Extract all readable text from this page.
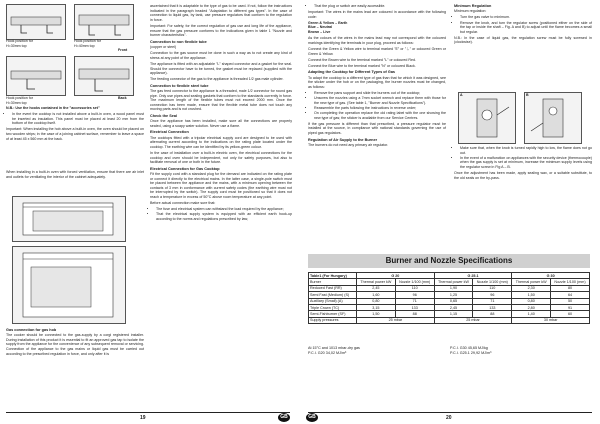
Hook position for
H=30mm top
Hook position for
H=40mm top
Front
Hook position for
H=30mm top
Back

N.B.: Use the hooks contained in the "accessories set"

• In the event the cooktop is not installed above a built-in oven, a wood panel must be inserted as insulation. This panel must be placed at least 20 mm from the bottom of the cooktop itself.

Important: When installing the hob above a built-in oven, the oven should be placed on two wooden strips; in the case of a joining cabinet surface, remember to leave a space of at least 45 x 560 mm at the back.

When installing in a built-in oven with forced ventilation, ensure that there are air inlet and outlets for ventilating the interior of the cabinet adequately.
Gas connection for gas hob

The cooker should be connected to the gas-supply by a corgi registered installer. During installation of this product it is essential to fit an approved gas tap to isolate the supply from the appliance for the convenience of any subsequent removal or servicing. Connection of the appliance to the gas mains or liquid gas must be carried out according to the prescribed regulation in force, and only after it is

ascertained that it is adaptable to the type of gas to be used. If not, follow the instructions indicated in the paragraph headed "Adaptation to different gas types". In the case of connection to liquid gas, by tank, use pressure regulators that conform to the regulation in force.

Important: For safety, for the correct regulation of gas use and long life of the appliance, ensure that the gas pressure conforms to the indications given in table 1 "Nozzle and burner characteristics".

Connection to non flexible tube

(copper or steel)

Connection to the gas source must be done in such a way as to not create any kind of stress at any point of the appliance.

The appliance is fitted with an adjustable "L" shaped connector and a gasket for the seal. Should the connector have to be turned, the gasket must be replaced (supplied with the appliance).

The feeding connector of the gas to the appliance is threaded 1/2 gas male cylinder.

Connection to flexible steel tube

The gas feed connector to the appliance is a threaded, male 1/2 connector for round gas pipe. Only use pipes and sealing gaskets that conform to the standards currently in force. The maximum length of the flexible tubes must not exceed 2000 mm. Once the connection has been made, ensure that the flexible metal tube does not touch any moving parts and is not crushed.

Check the Seal

Once the appliance has been installed, make sure all the connections are properly sealed, using a soapy water solution. Never use a flame.

Electrical Connection

The cooktops fitted with a tripolar electrical supply cord are designed to be used with alternating current according to the indications on the rating plate located under the cooktop. The earthing wire can be identified by its yellow-green colour.

In the case of installation over a built-in electric oven, the electrical connections for the cooktop and oven should be independent, not only for safety purposes, but also to facilitate removal of one or both in the future.

Electrical Connection for Gas Cooktop

Fit the supply cord with a standard plug for the demand are indicated on the rating plate or connect it directly to the electrical mains. In the latter case, a single-pole switch must be placed between the appliance and the mains, with a minimum opening between the contacts of 3 mm in conformance with current safety codes (the earthing wire must not be interrupted by the switch). The supply cord must be positioned so that it does not reach a temperature in excess of 50°C above room temperature at any point.

Before actual connection make sure that:

• The fuse and electrical system can withstand the load required by the appliance;
• That the electrical supply system is equipped with an efficient earth hook-up according to the norms and regulations prescribed by law;
19	GB
• That the plug or switch are easily accessible.

Important: The wires in the mains lead are coloured in accordance with the following code:

Green & Yellow – Earth
Blue – Neutral
Brown – Live

As the colours of the wires in the mains lead may not correspond with the coloured markings identifying the terminals in your plug, proceed as follows:

Connect the Green & Yellow wire to terminal marked "E" or "⏚" or coloured Green or Green & Yellow.

Connect the Brown wire to the terminal marked "L" or coloured Red.

Connect the Blue wire to the terminal marked "N" or coloured Black.

Adapting the Cooktop for Different Types of Gas

To adapt the cooktop to a different type of gas than that for which it was designed, see the sticker under the hob or on the packaging, the burner nozzles must be changed, as follows:

• Remove the pans support and slide the burners out of the cooktop;
• Unscrew the nozzles using a 7mm socket wrench and replace them with those for the new type of gas. (See table 1, "Burner and Nozzle Specifications").
• Reassemble the parts following the instructions in reverse order;
• On completing the operation replace the old rating label with the one showing the new type of gas; the sticker is available from our Service Centres.

If the gas pressure is different than that prescribed, a pressure regulator must be installed at the source, in compliance with national standards governing the use of piped gas regulators.

Regulation of Air Supply to the Burner

The burners do not need any primary air regulator.

Minimum Regulation

Minimum regulation:

• Turn the gas valve to minimum.
• Remove the knob, and turn the regulator screw (positioned either on the side of the tap or inside the shaft – Fig. A and B) to adjust until the flame becomes a small but regular.

N.B.: In the case of liquid gas, the regulation screw must be fully screwed in (clockwise).

A	B
• Make sure that, when the knob is turned rapidly high to low, the flame does not go out.
• In the event of a malfunction on appliances with the security device (thermocouple) when the gas supply is set at minimum, increase the minimum supply levels using the regulator screw in Fig A – B.

Once the adjustment has been made, apply sealing wax, or a suitable substitute, to the old seals on the by-pass.

Burner and Nozzle Specifications
Table1 (For Hungary)	G 20		G 25.1		G 30	
Burner	Thermal power kW	Nozzle 1/100 (mm)	Thermal power kW	Nozzle 1/100 (mm)	Thermal power kW	Nozzle 1/100 (mm)
Reduced Fast (RR)	2,45	110	1,90	110	2,30	80
Semi Fast (Medium) (S)	1,60	96	1,25	96	1,50	64
Auxiliary (Small) (A)	0,80	71	0,65	71	0,80	50
Triple Crown (TC)	3,15	133	2,45	133	2,80	91
Semi-Fishburner (SF)	1,50	88	1,15	88	1,40	60
Supply pressures	25 mbar		25 mbar		30 mbar	
At 15°C and 1013 mbar-dry gas
P.C.I. G20 34,02 MJ/m³
P.C.I. G30 45,65 MJ/kg
P.C.I. G25.1 29,92 MJ/m³
GB	20
